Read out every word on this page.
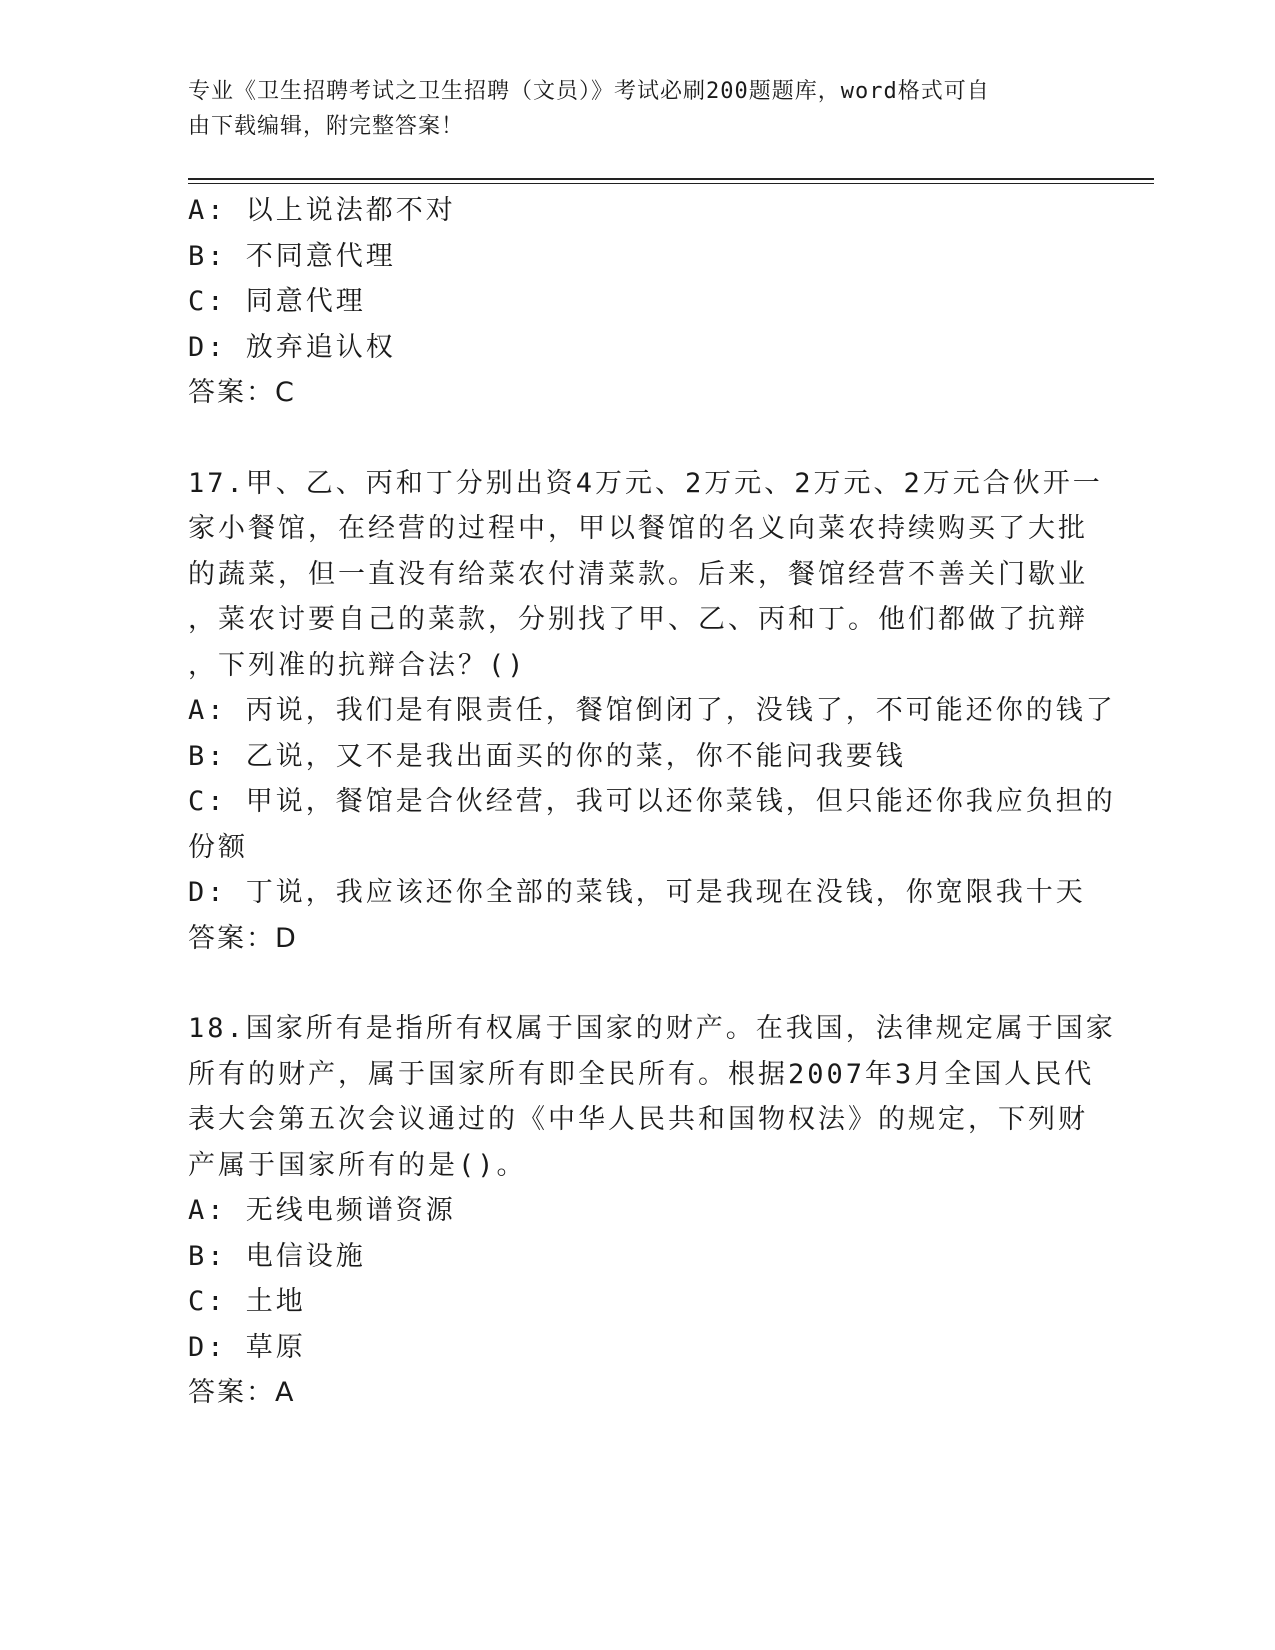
专业《卫生招聘考试之卫生招聘（文员）》考试必刷200题题库，word格式可自
由下载编辑，附完整答案！
A: 以上说法都不对
B: 不同意代理
C: 同意代理
D: 放弃追认权
答案：C
17.甲、乙、丙和丁分别出资4万元、2万元、2万元、2万元合伙开一
家小餐馆，在经营的过程中，甲以餐馆的名义向菜农持续购买了大批
的蔬菜，但一直没有给菜农付清菜款。后来，餐馆经营不善关门歇业
，菜农讨要自己的菜款，分别找了甲、乙、丙和丁。他们都做了抗辩
，下列准的抗辩合法？()
A: 丙说，我们是有限责任，餐馆倒闭了，没钱了，不可能还你的钱了
B: 乙说，又不是我出面买的你的菜，你不能问我要钱
C: 甲说，餐馆是合伙经营，我可以还你菜钱，但只能还你我应负担的
份额
D: 丁说，我应该还你全部的菜钱，可是我现在没钱，你宽限我十天
答案：D
18.国家所有是指所有权属于国家的财产。在我国，法律规定属于国家
所有的财产，属于国家所有即全民所有。根据2007年3月全国人民代
表大会第五次会议通过的《中华人民共和国物权法》的规定，下列财
产属于国家所有的是()。
A: 无线电频谱资源
B: 电信设施
C: 土地
D: 草原
答案：A
